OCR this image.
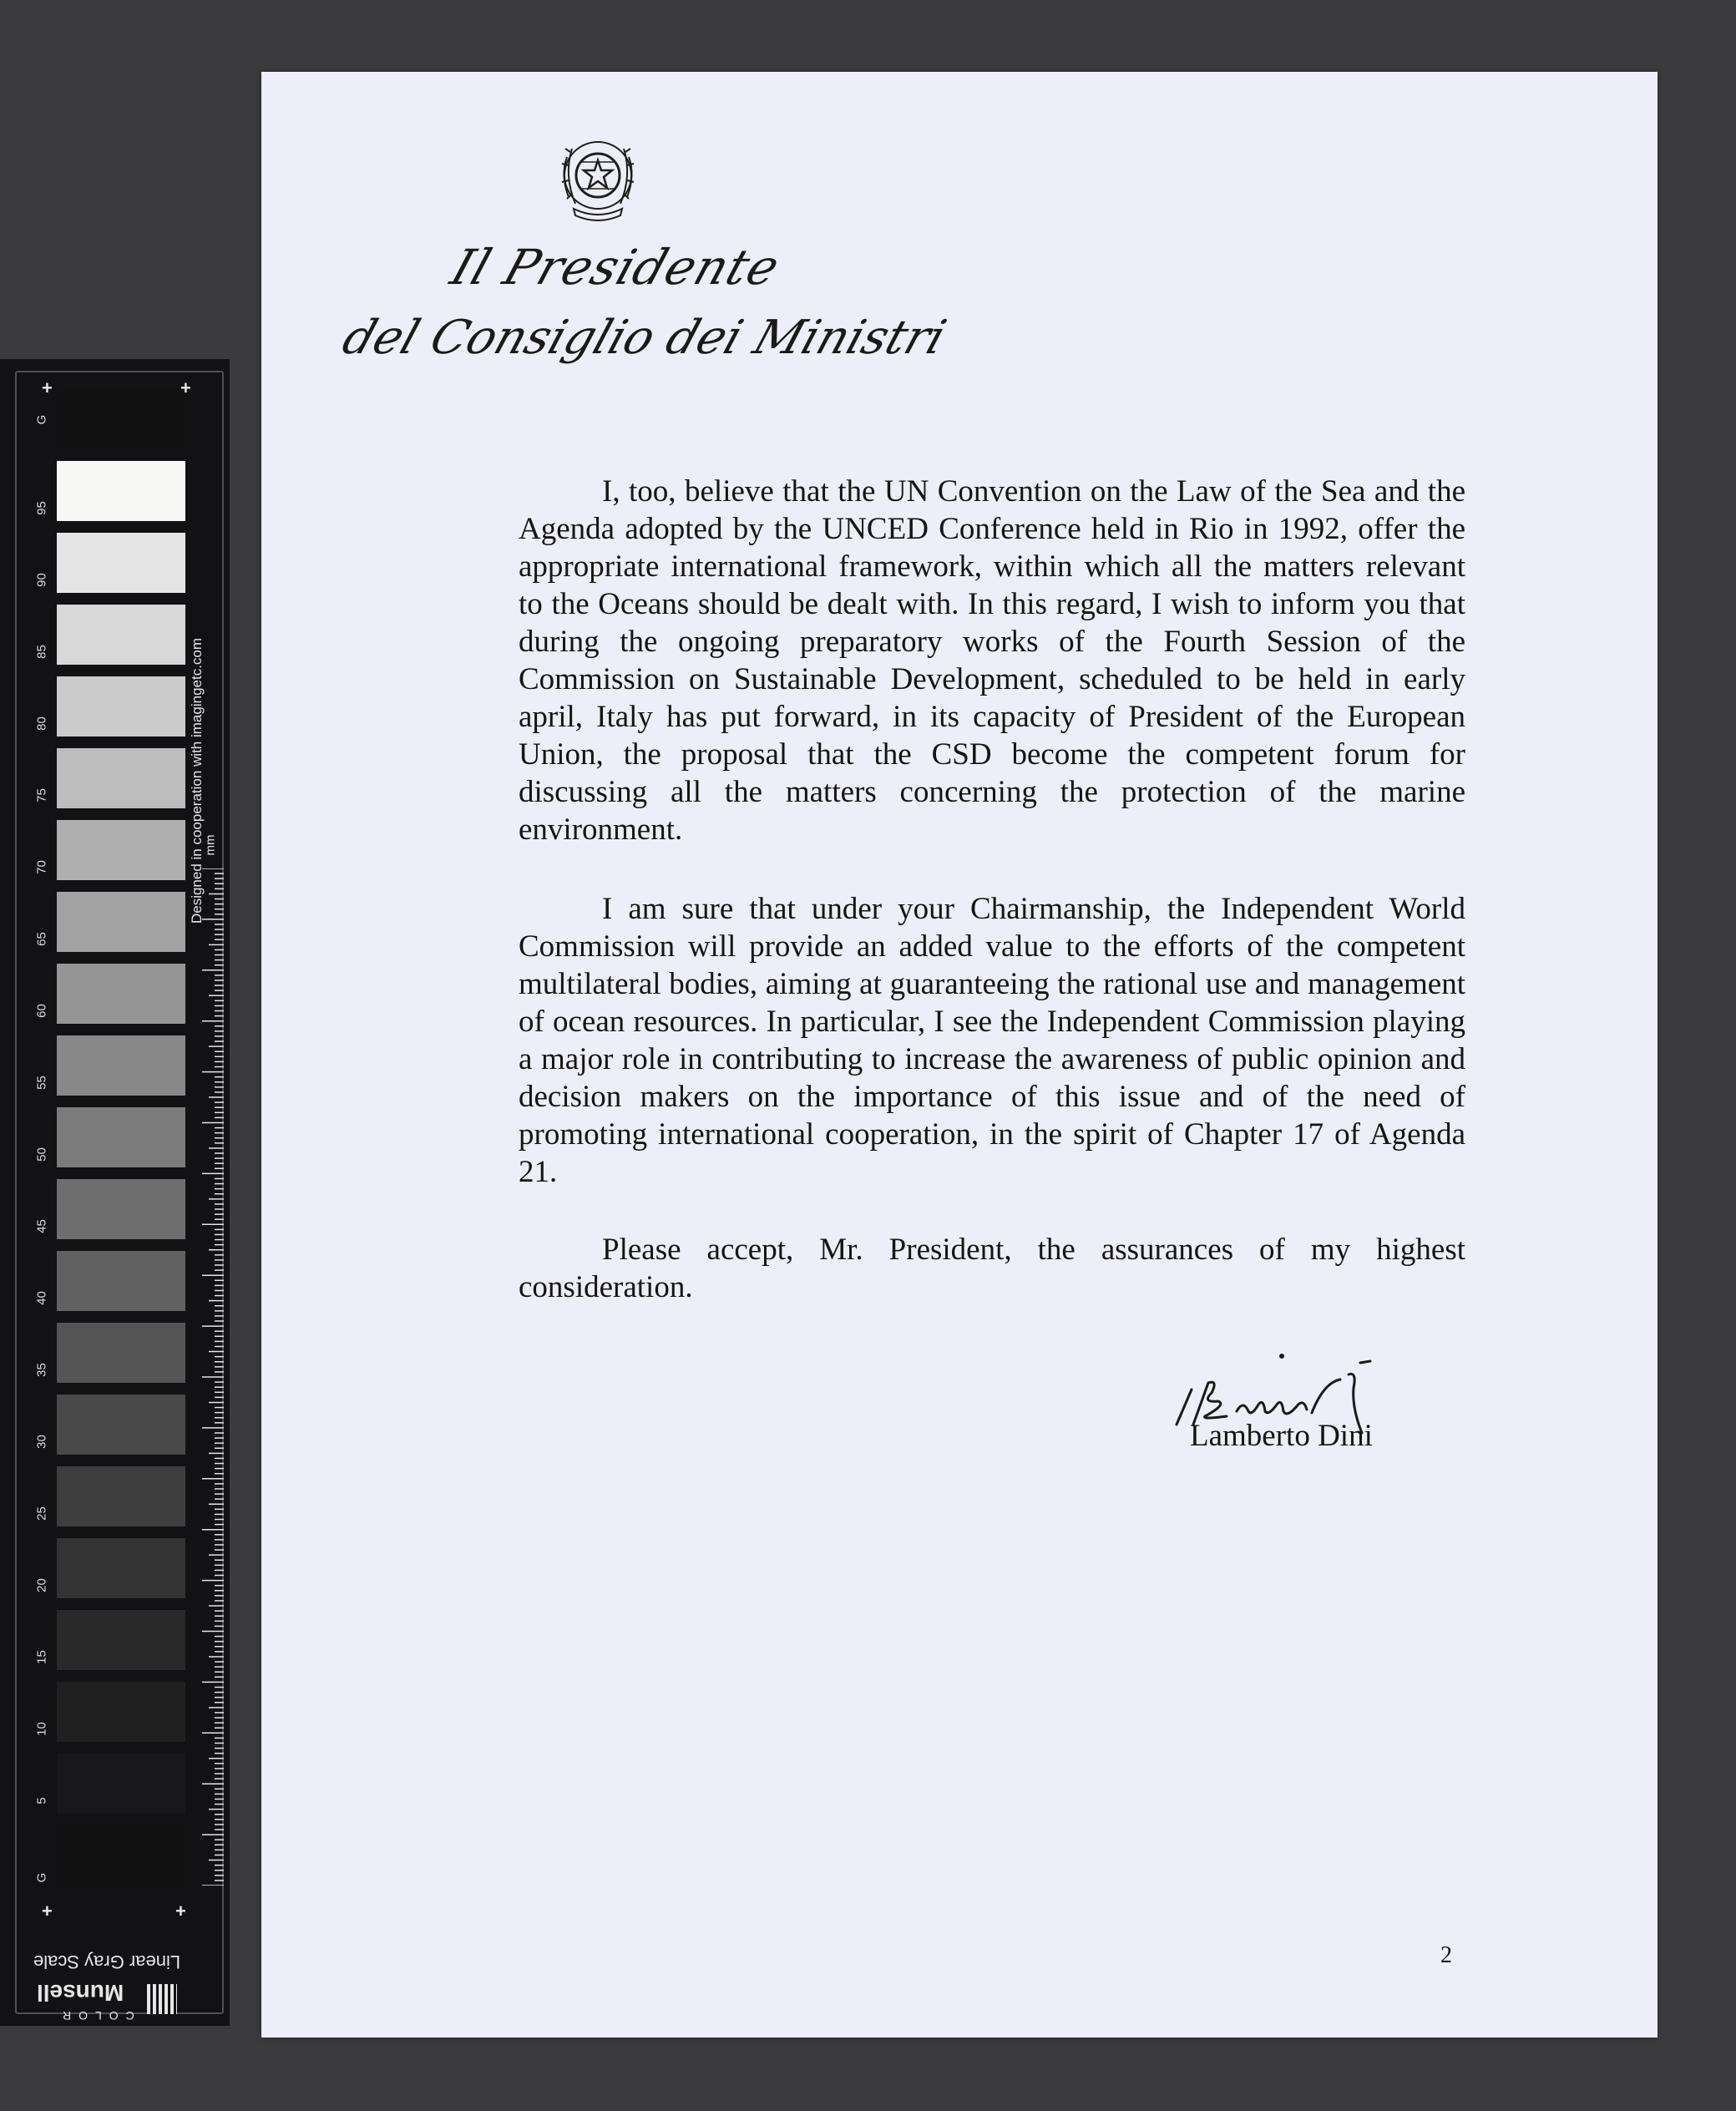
G
95
90
85
80
75
70
65
60
55
50
45
40
35
30
25
20
15
10
5
G
+	+
+	+
Designed in cooperation with imagingetc.com
mm
Linear Gray Scale
Munsell
COLOR
Il Presidente
del Consiglio dei Ministri

I, too, believe that the UN Convention on the Law of the Sea and the Agenda adopted by the UNCED Conference held in Rio in 1992, offer the appropriate international framework, within which all the matters relevant to the Oceans should be dealt with. In this regard, I wish to inform you that during the ongoing preparatory works of the Fourth Session of the Commission on Sustainable Development, scheduled to be held in early april, Italy has put forward, in its capacity of President of the European Union, the proposal that the CSD become the competent forum for discussing all the matters concerning the protection of the marine environment.

I am sure that under your Chairmanship, the Independent World Commission will provide an added value to the efforts of the competent multilateral bodies, aiming at guaranteeing the rational use and management of ocean resources. In particular, I see the Independent Commission playing a major role in contributing to increase the awareness of public opinion and decision makers on the importance of this issue and of the need of promoting international cooperation, in the spirit of Chapter 17 of Agenda 21.

Please accept, Mr. President, the assurances of my highest consideration.

Lamberto Dini
2
